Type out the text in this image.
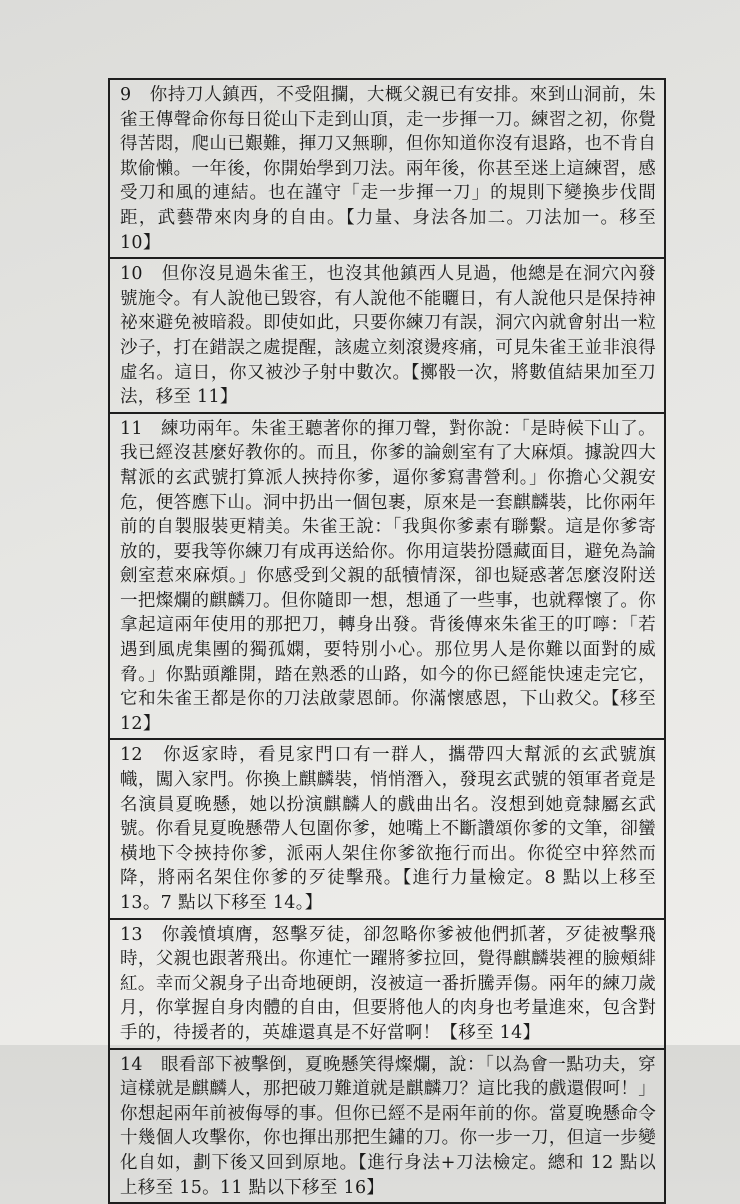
9　你持刀人鎮西，不受阻攔，大概父親已有安排。來到山洞前，朱雀王傳聲命你每日從山下走到山頂，走一步揮一刀。練習之初，你覺得苦悶，爬山已艱難，揮刀又無聊，但你知道你沒有退路，也不肯自欺偷懶。一年後，你開始學到刀法。兩年後，你甚至迷上這練習，感受刀和風的連結。也在謹守「走一步揮一刀」的規則下變換步伐間距，武藝帶來肉身的自由。【力量、身法各加二。刀法加一。移至 10】

10　但你沒見過朱雀王，也沒其他鎮西人見過，他總是在洞穴內發號施令。有人說他已毀容，有人說他不能曬日，有人說他只是保持神祕來避免被暗殺。即使如此，只要你練刀有誤，洞穴內就會射出一粒沙子，打在錯誤之處提醒，該處立刻滾燙疼痛，可見朱雀王並非浪得虛名。這日，你又被沙子射中數次。【擲骰一次，將數值結果加至刀法，移至 11】

11　練功兩年。朱雀王聽著你的揮刀聲，對你說：「是時候下山了。我已經沒甚麼好教你的。而且，你爹的論劍室有了大麻煩。據說四大幫派的玄武號打算派人挾持你爹，逼你爹寫書營利。」你擔心父親安危，便答應下山。洞中扔出一個包裹，原來是一套麒麟裝，比你兩年前的自製服裝更精美。朱雀王說：「我與你爹素有聯繫。這是你爹寄放的，要我等你練刀有成再送給你。你用這裝扮隱藏面目，避免為論劍室惹來麻煩。」你感受到父親的舐犢情深，卻也疑惑著怎麼沒附送一把燦爛的麒麟刀。但你隨即一想，想通了一些事，也就釋懷了。你拿起這兩年使用的那把刀，轉身出發。背後傳來朱雀王的叮嚀：「若遇到風虎集團的獨孤嫻，要特別小心。那位男人是你難以面對的威脅。」你點頭離開，踏在熟悉的山路，如今的你已經能快速走完它，它和朱雀王都是你的刀法啟蒙恩師。你滿懷感恩，下山救父。【移至 12】

12　你返家時，看見家門口有一群人，攜帶四大幫派的玄武號旗幟，闖入家門。你換上麒麟裝，悄悄潛入，發現玄武號的領軍者竟是名演員夏晚懸，她以扮演麒麟人的戲曲出名。沒想到她竟隸屬玄武號。你看見夏晚懸帶人包圍你爹，她嘴上不斷讚頌你爹的文筆，卻蠻橫地下令挾持你爹，派兩人架住你爹欲拖行而出。你從空中猝然而降，將兩名架住你爹的歹徒擊飛。【進行力量檢定。8 點以上移至 13。7 點以下移至 14。】

13　你義憤填膺，怒擊歹徒，卻忽略你爹被他們抓著，歹徒被擊飛時，父親也跟著飛出。你連忙一躍將爹拉回，覺得麒麟裝裡的臉頰緋紅。幸而父親身子出奇地硬朗，沒被這一番折騰弄傷。兩年的練刀歲月，你掌握自身肉體的自由，但要將他人的肉身也考量進來，包含對手的，待援者的，英雄還真是不好當啊！【移至 14】

14　眼看部下被擊倒，夏晚懸笑得燦爛，說：「以為會一點功夫，穿這樣就是麒麟人，那把破刀難道就是麒麟刀？這比我的戲還假呵！」你想起兩年前被侮辱的事。但你已經不是兩年前的你。當夏晚懸命令十幾個人攻擊你，你也揮出那把生鏽的刀。你一步一刀，但這一步變化自如，劃下後又回到原地。【進行身法+刀法檢定。總和 12 點以上移至 15。11 點以下移至 16】
